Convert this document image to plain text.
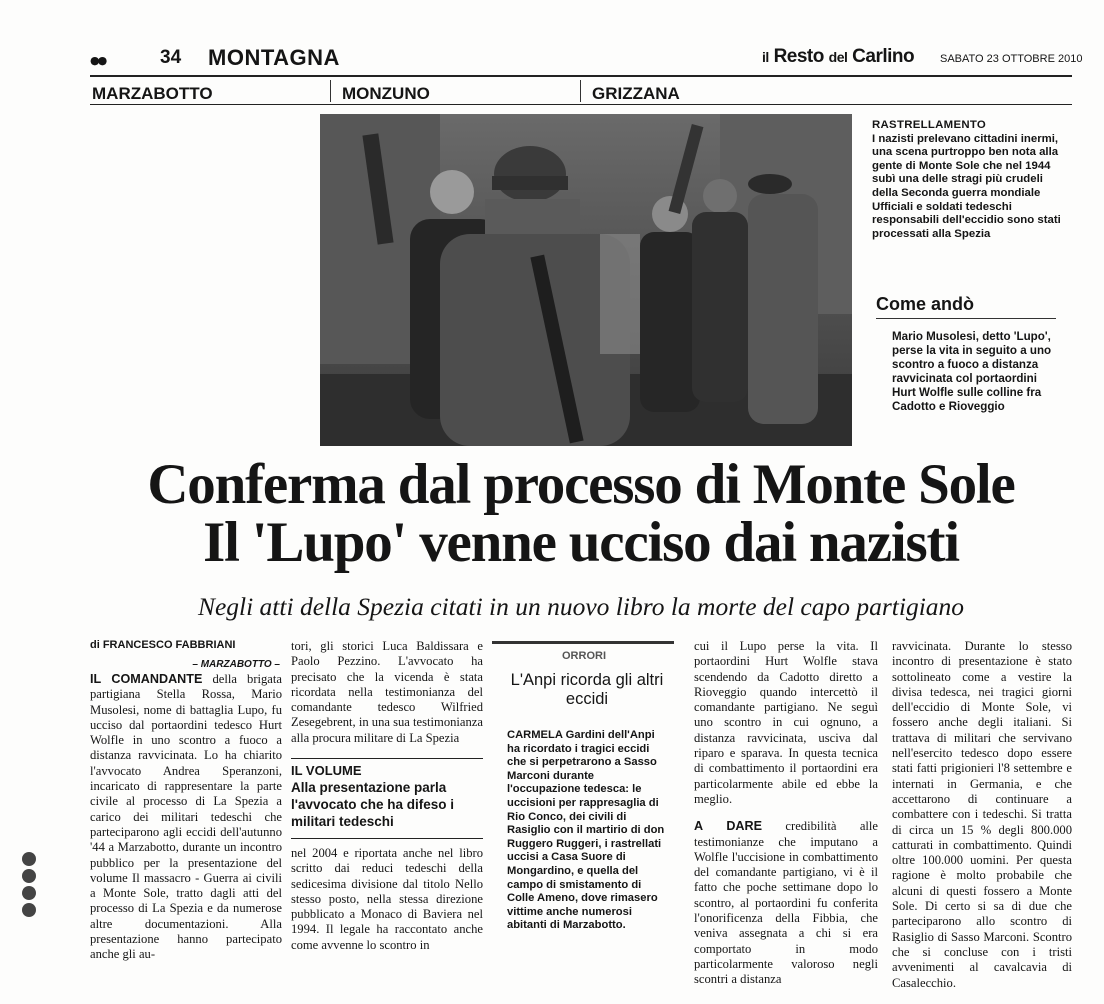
●●	34 MONTAGNA	il Resto del Carlino SABATO 23 OTTOBRE 2010
MARZABOTTO	MONZUNO	GRIZZANA
RASTRELLAMENTO

I nazisti prelevano cittadini inermi, una scena purtroppo ben nota alla gente di Monte Sole che nel 1944 subì una delle stragi più crudeli della Seconda guerra mondiale Ufficiali e soldati tedeschi responsabili dell'eccidio sono stati processati alla Spezia

Come andò
Mario Musolesi, detto 'Lupo', perse la vita in seguito a uno scontro a fuoco a distanza ravvicinata col portaordini Hurt Wolfle sulle colline fra Cadotto e Rioveggio
Conferma dal processo di Monte Sole
Il 'Lupo' venne ucciso dai nazisti
Negli atti della Spezia citati in un nuovo libro la morte del capo partigiano
di FRANCESCO FABBRIANI
– MARZABOTTO –

IL COMANDANTE della brigata partigiana Stella Rossa, Mario Musolesi, nome di battaglia Lupo, fu ucciso dal portaordini tedesco Hurt Wolfle in uno scontro a fuoco a distanza ravvicinata. Lo ha chiarito l'avvocato Andrea Speranzoni, incaricato di rappresentare la parte civile al processo di La Spezia a carico dei militari tedeschi che parteciparono agli eccidi dell'autunno '44 a Marzabotto, durante un incontro pubblico per la presentazione del volume Il massacro - Guerra ai civili a Monte Sole, tratto dagli atti del processo di La Spezia e da numerose altre documentazioni. Alla presentazione hanno partecipato anche gli au-

tori, gli storici Luca Baldissara e Paolo Pezzino. L'avvocato ha precisato che la vicenda è stata ricordata nella testimonianza del comandante tedesco Wilfried Zesegebrent, in una sua testimonianza alla procura militare di La Spezia

IL VOLUME
Alla presentazione parla l'avvocato che ha difeso i militari tedeschi

nel 2004 e riportata anche nel libro scritto dai reduci tedeschi della sedicesima divisione dal titolo Nello stesso posto, nella stessa direzione pubblicato a Monaco di Baviera nel 1994. Il legale ha raccontato anche come avvenne lo scontro in

ORRORI
L'Anpi ricorda gli altri eccidi
CARMELA Gardini dell'Anpi ha ricordato i tragici eccidi che si perpetrarono a Sasso Marconi durante l'occupazione tedesca: le uccisioni per rappresaglia di Rio Conco, dei civili di Rasiglio con il martirio di don Ruggero Ruggeri, i rastrellati uccisi a Casa Suore di Mongardino, e quella del campo di smistamento di Colle Ameno, dove rimasero vittime anche numerosi abitanti di Marzabotto.

cui il Lupo perse la vita. Il portaordini Hurt Wolfle stava scendendo da Cadotto diretto a Rioveggio quando intercettò il comandante partigiano. Ne seguì uno scontro in cui ognuno, a distanza ravvicinata, usciva dal riparo e sparava. In questa tecnica di combattimento il portaordini era particolarmente abile ed ebbe la meglio.

A DARE credibilità alle testimonianze che imputano a Wolfle l'uccisione in combattimento del comandante partigiano, vi è il fatto che poche settimane dopo lo scontro, al portaordini fu conferita l'onorificenza della Fibbia, che veniva assegnata a chi si era comportato in modo particolarmente valoroso negli scontri a distanza

ravvicinata. Durante lo stesso incontro di presentazione è stato sottolineato come a vestire la divisa tedesca, nei tragici giorni dell'eccidio di Monte Sole, vi fossero anche degli italiani. Si trattava di militari che servivano nell'esercito tedesco dopo essere stati fatti prigionieri l'8 settembre e internati in Germania, e che accettarono di continuare a combattere con i tedeschi. Si tratta di circa un 15 % degli 800.000 catturati in combattimento. Quindi oltre 100.000 uomini. Per questa ragione è molto probabile che alcuni di questi fossero a Monte Sole. Di certo si sa di due che parteciparono allo scontro di Rasiglio di Sasso Marconi. Scontro che si concluse con i tristi avvenimenti al cavalcavia di Casalecchio.
